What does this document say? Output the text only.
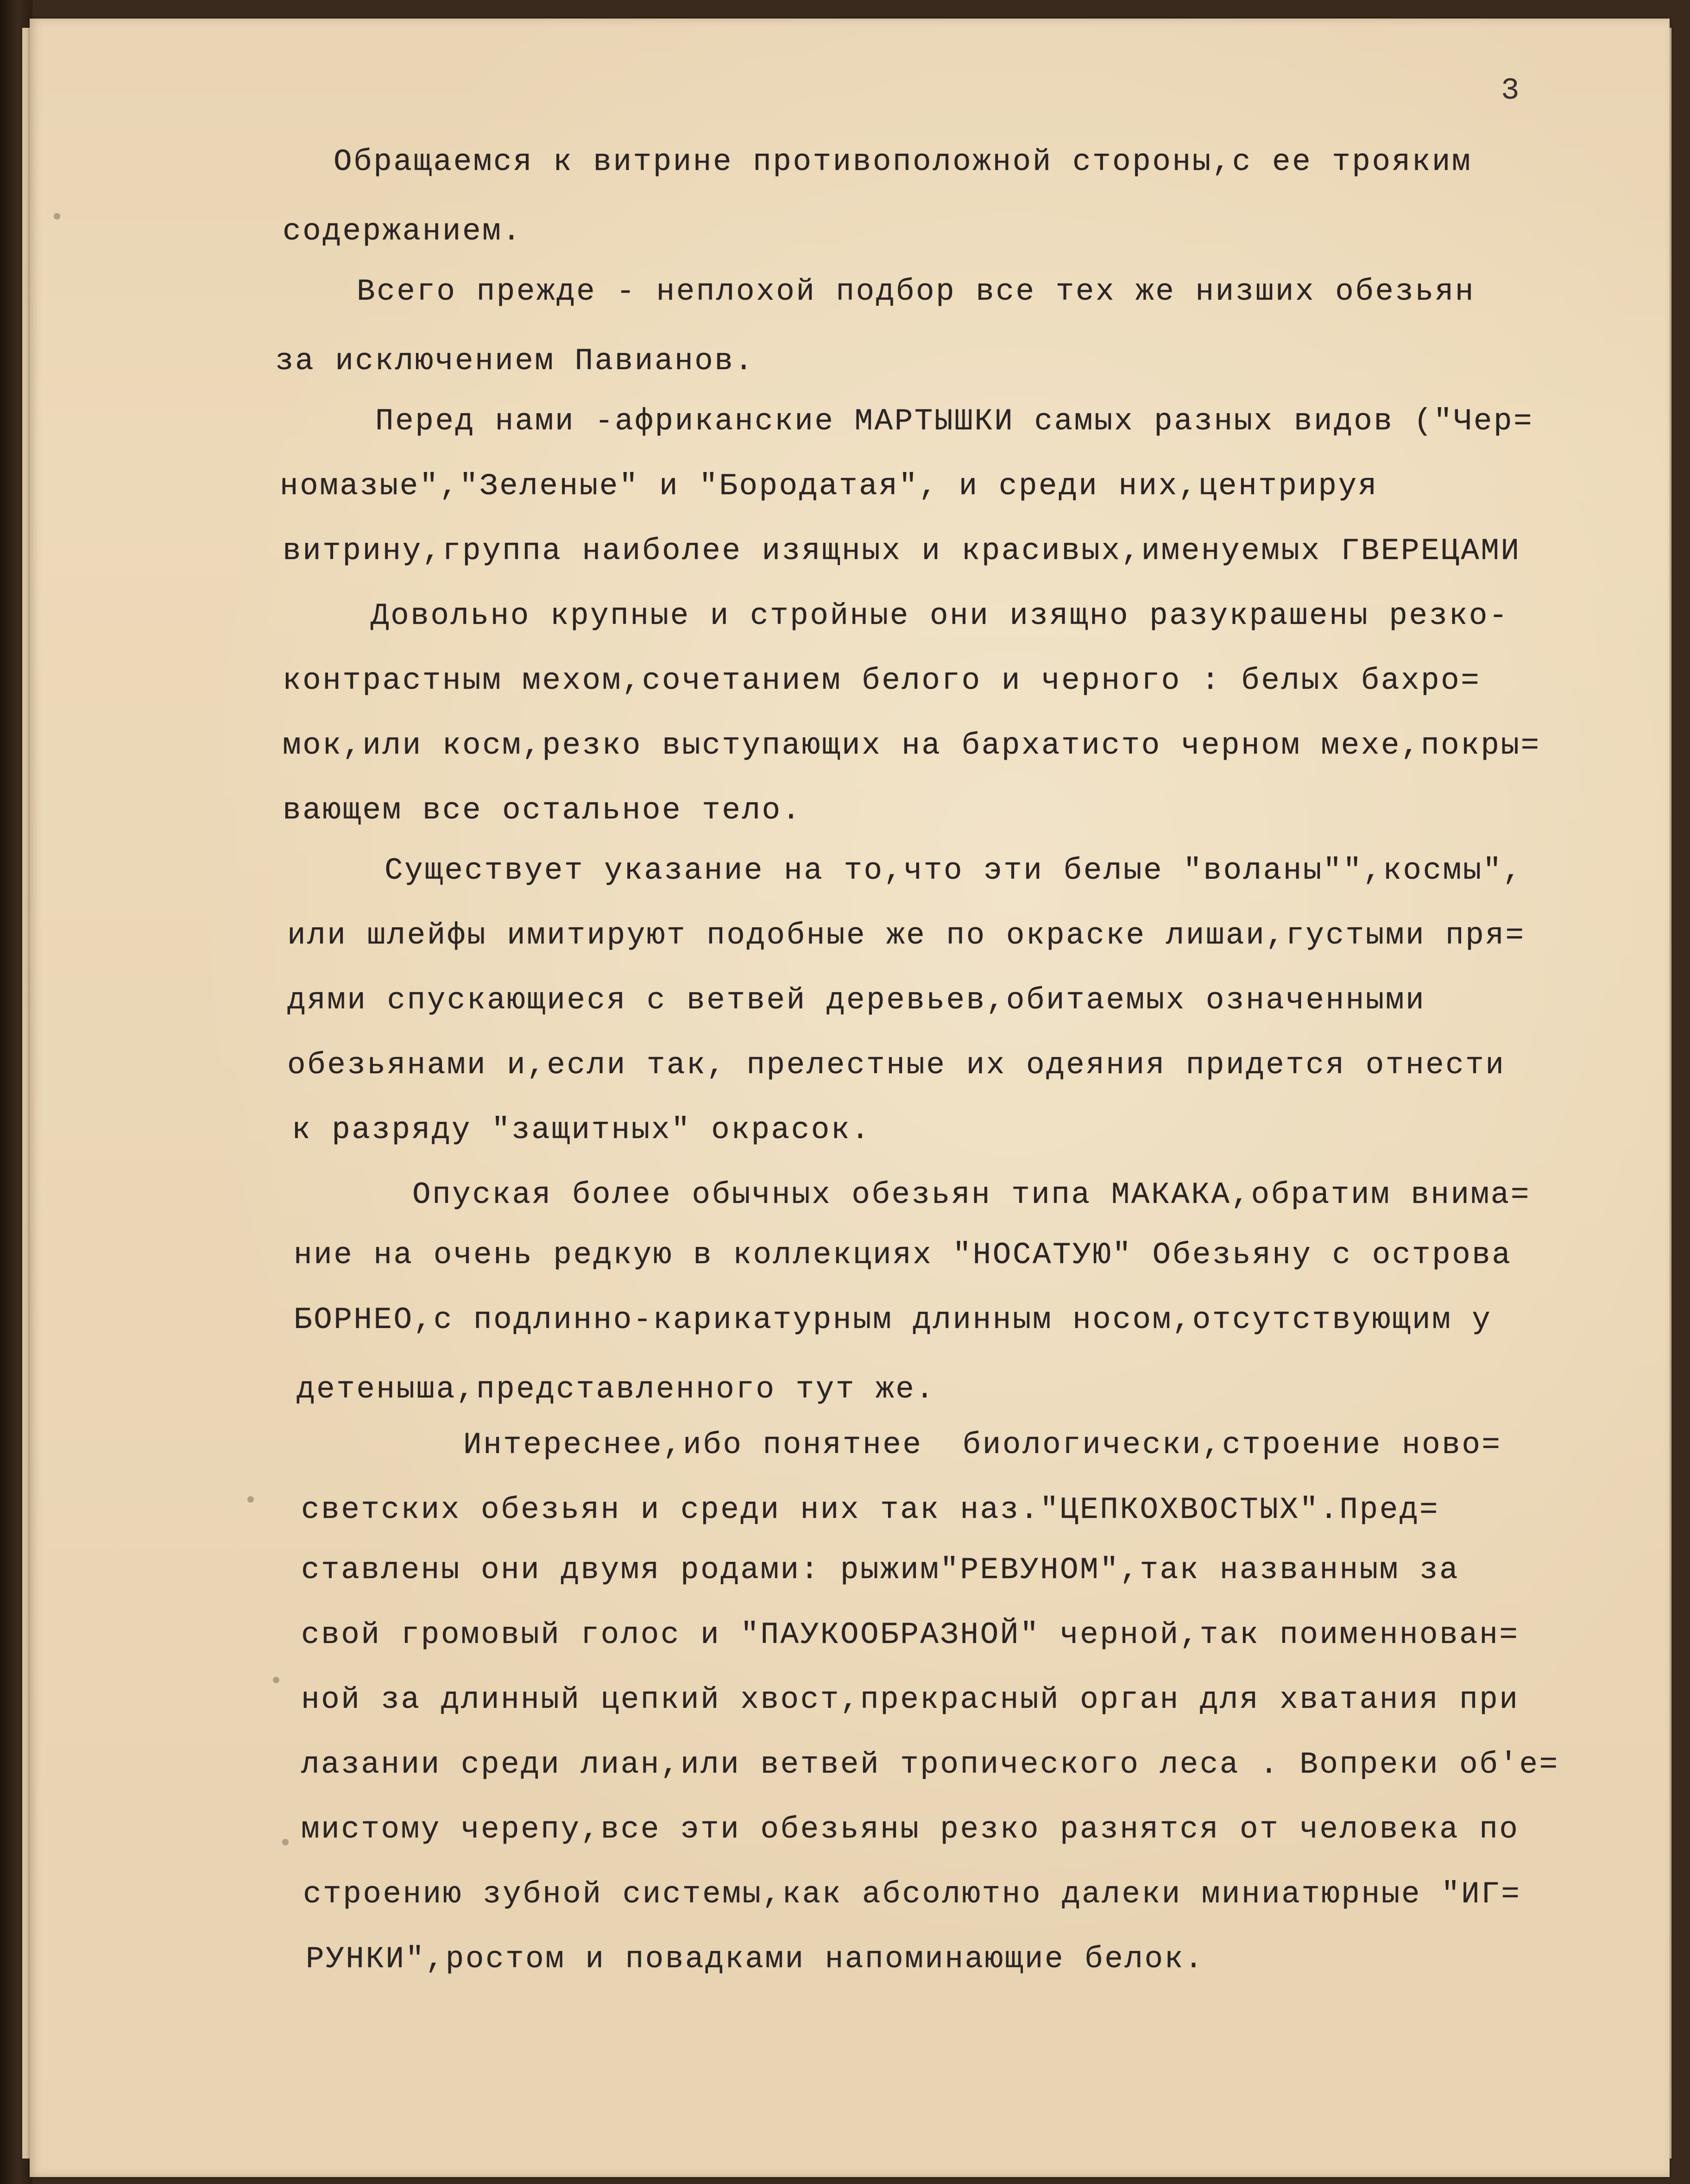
3
Обращаемся к витрине противоположной стороны,с ее трояким
содержанием.
Всего прежде - неплохой подбор все тех же низших обезьян
за исключением Павианов.
Перед нами -африканские МАРТЫШКИ самых разных видов ("Чер=
номазые","Зеленые" и "Бородатая", и среди них,центрируя
витрину,группа наиболее изящных и красивых,именуемых ГВЕРЕЦАМИ
Довольно крупные и стройные они изящно разукрашены резко-
контрастным мехом,сочетанием белого и черного : белых бахро=
мок,или косм,резко выступающих на бархатисто черном мехе,покры=
вающем все остальное тело.
Существует указание на то,что эти белые "воланы"",космы",
или шлейфы имитируют подобные же по окраске лишаи,густыми пря=
дями спускающиеся с ветвей деревьев,обитаемых означенными
обезьянами и,если так, прелестные их одеяния придется отнести
к разряду "защитных" окрасок.
Опуская более обычных обезьян типа МАКАКА,обратим внима=
ние на очень редкую в коллекциях "НОСАТУЮ" Обезьяну с острова
БОРНЕО,с подлинно-карикатурным длинным носом,отсутствующим у
детеныша,представленного тут же.
Интереснее,ибо понятнее  биологически,строение ново=
светских обезьян и среди них так наз."ЦЕПКОХВОСТЫХ".Пред=
ставлены они двумя родами: рыжим"РЕВУНОМ",так названным за
свой громовый голос и "ПАУКООБРАЗНОЙ" черной,так поименнован=
ной за длинный цепкий хвост,прекрасный орган для хватания при
лазании среди лиан,или ветвей тропического леса . Вопреки об'е=
мистому черепу,все эти обезьяны резко разнятся от человека по
строению зубной системы,как абсолютно далеки миниатюрные "ИГ=
РУНКИ",ростом и повадками напоминающие белок.
